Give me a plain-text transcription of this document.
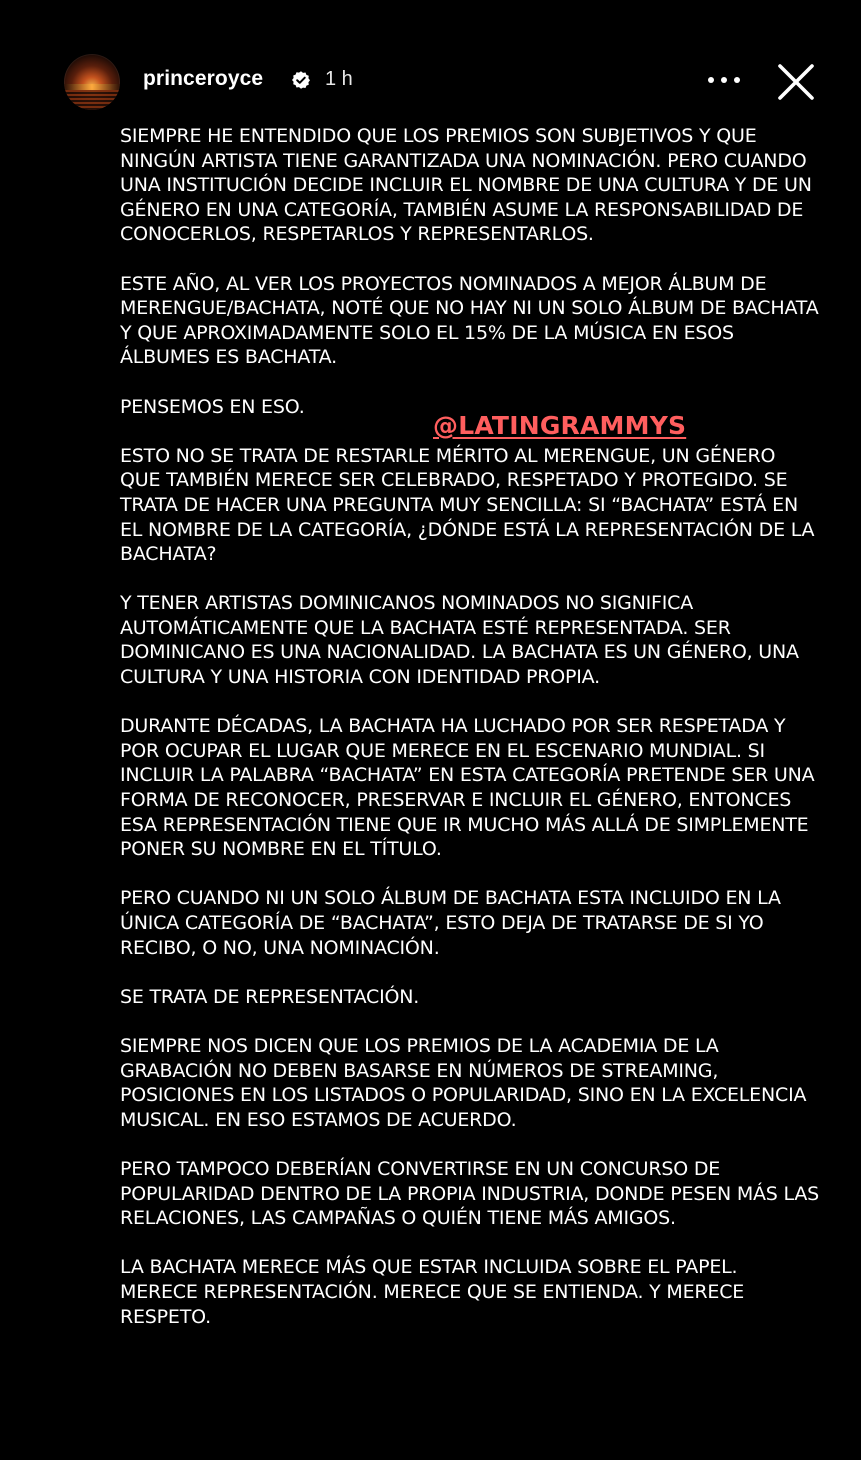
princeroyce	1 h

SIEMPRE HE ENTENDIDO QUE LOS PREMIOS SON SUBJETIVOS Y QUE NINGÚN ARTISTA TIENE GARANTIZADA UNA NOMINACIÓN. PERO CUANDO UNA INSTITUCIÓN DECIDE INCLUIR EL NOMBRE DE UNA CULTURA Y DE UN GÉNERO EN UNA CATEGORÍA, TAMBIÉN ASUME LA RESPONSABILIDAD DE CONOCERLOS, RESPETARLOS Y REPRESENTARLOS.

ESTE AÑO, AL VER LOS PROYECTOS NOMINADOS A MEJOR ÁLBUM DE MERENGUE/BACHATA, NOTÉ QUE NO HAY NI UN SOLO ÁLBUM DE BACHATA Y QUE APROXIMADAMENTE SOLO EL 15% DE LA MÚSICA EN ESOS ÁLBUMES ES BACHATA.

PENSEMOS EN ESO.

ESTO NO SE TRATA DE RESTARLE MÉRITO AL MERENGUE, UN GÉNERO QUE TAMBIÉN MERECE SER CELEBRADO, RESPETADO Y PROTEGIDO. SE TRATA DE HACER UNA PREGUNTA MUY SENCILLA: SI “BACHATA” ESTÁ EN EL NOMBRE DE LA CATEGORÍA, ¿DÓNDE ESTÁ LA REPRESENTACIÓN DE LA BACHATA?

Y TENER ARTISTAS DOMINICANOS NOMINADOS NO SIGNIFICA AUTOMÁTICAMENTE QUE LA BACHATA ESTÉ REPRESENTADA. SER DOMINICANO ES UNA NACIONALIDAD. LA BACHATA ES UN GÉNERO, UNA CULTURA Y UNA HISTORIA CON IDENTIDAD PROPIA.

DURANTE DÉCADAS, LA BACHATA HA LUCHADO POR SER RESPETADA Y POR OCUPAR EL LUGAR QUE MERECE EN EL ESCENARIO MUNDIAL. SI INCLUIR LA PALABRA “BACHATA” EN ESTA CATEGORÍA PRETENDE SER UNA FORMA DE RECONOCER, PRESERVAR E INCLUIR EL GÉNERO, ENTONCES ESA REPRESENTACIÓN TIENE QUE IR MUCHO MÁS ALLÁ DE SIMPLEMENTE PONER SU NOMBRE EN EL TÍTULO.

PERO CUANDO NI UN SOLO ÁLBUM DE BACHATA ESTA INCLUIDO EN LA ÚNICA CATEGORÍA DE “BACHATA”, ESTO DEJA DE TRATARSE DE SI YO RECIBO, O NO, UNA NOMINACIÓN.

SE TRATA DE REPRESENTACIÓN.

SIEMPRE NOS DICEN QUE LOS PREMIOS DE LA ACADEMIA DE LA GRABACIÓN NO DEBEN BASARSE EN NÚMEROS DE STREAMING, POSICIONES EN LOS LISTADOS O POPULARIDAD, SINO EN LA EXCELENCIA MUSICAL. EN ESO ESTAMOS DE ACUERDO.

PERO TAMPOCO DEBERÍAN CONVERTIRSE EN UN CONCURSO DE POPULARIDAD DENTRO DE LA PROPIA INDUSTRIA, DONDE PESEN MÁS LAS RELACIONES, LAS CAMPAÑAS O QUIÉN TIENE MÁS AMIGOS.

LA BACHATA MERECE MÁS QUE ESTAR INCLUIDA SOBRE EL PAPEL. MERECE REPRESENTACIÓN. MERECE QUE SE ENTIENDA. Y MERECE RESPETO.

@LATINGRAMMYS
